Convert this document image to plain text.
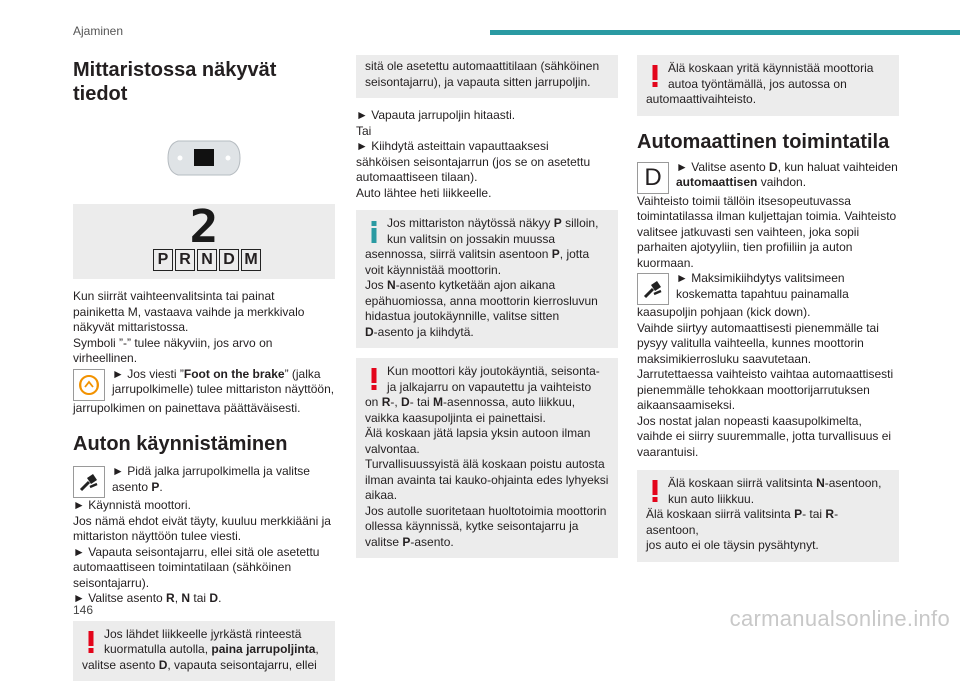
Ajaminen
Mittaristossa näkyvät tiedot
2
P R N D M

Kun siirrät vaihteenvalitsinta tai painat

painiketta M, vastaava vaihde ja merkkivalo

näkyvät mittaristossa.

Symboli ”-” tulee näkyviin, jos arvo on

virheellinen.

► Jos viesti ”Foot on the brake” (jalka

jarrupolkimelle) tulee mittariston näyttöön,

jarrupolkimen on painettava päättäväisesti.

Auton käynnistäminen

► Pidä jalka jarrupolkimella ja valitse

asento P.

► Käynnistä moottori.

Jos nämä ehdot eivät täyty, kuuluu merkkiääni ja

mittariston näyttöön tulee viesti.

► Vapauta seisontajarru, ellei sitä ole asetettu

automaattiseen toimintatilaan (sähköinen

seisontajarru).

► Valitse asento R, N tai D.

Jos lähdet liikkeelle jyrkästä rinteestä

kuormatulla autolla, paina jarrupoljinta,

valitse asento D, vapauta seisontajarru, ellei

sitä ole asetettu automaattitilaan (sähköinen

seisontajarru), ja vapauta sitten jarrupoljin.

► Vapauta jarrupoljin hitaasti.

Tai

► Kiihdytä asteittain vapauttaaksesi

sähköisen seisontajarrun (jos se on asetettu

automaattiseen tilaan).

Auto lähtee heti liikkeelle.

Jos mittariston näytössä näkyy P silloin,

kun valitsin on jossakin muussa

asennossa, siirrä valitsin asentoon P, jotta

voit käynnistää moottorin.

Jos N-asento kytketään ajon aikana

epähuomiossa, anna moottorin kierrosluvun

hidastua joutokäynnille, valitse sitten

D-asento ja kiihdytä.

Kun moottori käy joutokäyntiä, seisonta-

ja jalkajarru on vapautettu ja vaihteisto

on R-, D- tai M-asennossa, auto liikkuu,

vaikka kaasupoljinta ei painettaisi.

Älä koskaan jätä lapsia yksin autoon ilman

valvontaa.

Turvallisuussyistä älä koskaan poistu autosta

ilman avainta tai kauko-ohjainta edes lyhyeksi

aikaa.

Jos autolle suoritetaan huoltotoimia moottorin

ollessa käynnissä, kytke seisontajarru ja

valitse P-asento.

Älä koskaan yritä käynnistää moottoria

autoa työntämällä, jos autossa on

automaattivaihteisto.

Automaattinen toimintatila
D	► Valitse asento D, kun haluat vaihteiden

automaattisen vaihdon.

Vaihteisto toimii tällöin itsesopeutuvassa

toimintatilassa ilman kuljettajan toimia. Vaihteisto

valitsee jatkuvasti sen vaihteen, joka sopii

parhaiten ajotyyliin, tien profiiliin ja auton

kuormaan.

► Maksimikiihdytys valitsimeen

koskematta tapahtuu painamalla

kaasupoljin pohjaan (kick down).

Vaihde siirtyy automaattisesti pienemmälle tai

pysyy valitulla vaihteella, kunnes moottorin

maksimikierrosluku saavutetaan.

Jarrutettaessa vaihteisto vaihtaa automaattisesti

pienemmälle tehokkaan moottorijarrutuksen

aikaansaamiseksi.

Jos nostat jalan nopeasti kaasupolkimelta,

vaihde ei siirry suuremmalle, jotta turvallisuus ei

vaarantuisi.

Älä koskaan siirrä valitsinta N-asentoon,

kun auto liikkuu.

Älä koskaan siirrä valitsinta P- tai R-asentoon,

jos auto ei ole täysin pysähtynyt.

146	carmanualsonline.info
